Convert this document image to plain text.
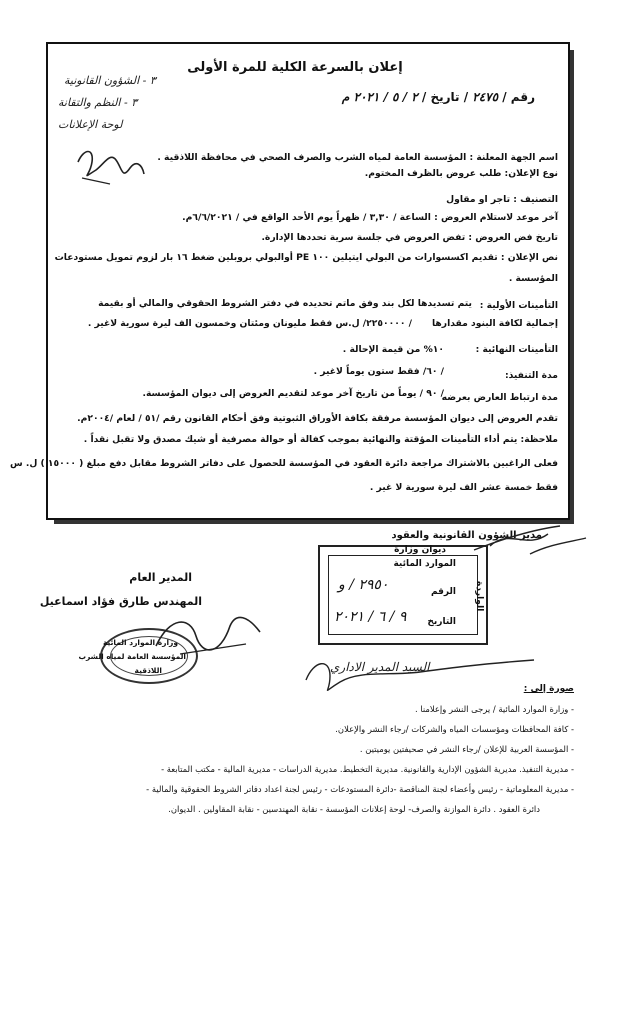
إعلان بالسرعة الكلية للمرة الأولى
رقم / ٢٤٧٥ / تاريخ / ٢ / ٥ / ٢٠٢١ م
٣ - الشؤون القانونية
٣ - النظم والتقانة
لوحة الإعلانات
اسم الجهة المعلنة : المؤسسة العامة لمياه الشرب والصرف الصحي في محافظة اللاذقية .
نوع الإعلان: طلب عروض بالظرف المختوم.
التصنيف : تاجر او مقاول
آخر موعد لاستلام العروض : الساعة / ٣,٣٠ / ظهراً يوم الأحد الواقع في / ٦/٦/٢٠٢١م.
تاريخ فض العروض : تفض العروض في جلسة سرية تحددها الإدارة.
نص الإعلان : تقديم اكسسوارات من البولي ايتيلين ١٠٠ PE أوالبولي بروبلين ضغط ١٦ بار لزوم تمويل مستودعات
المؤسسة .
التأمينات الأولية :
يتم تسديدها لكل بند وفق ماتم تحديده في دفتر الشروط الحقوقي والمالي أو بقيمة
إجمالية لكافة البنود مقدارها
/ ٢٢٥٠٠٠٠/ ل.س فقط مليونان ومئتان وخمسون الف ليرة سورية لاغير .
التأمينات النهائية :
١٠% من قيمة الإحالة .
مدة التنفيذ:
/ ٦٠/ فقط ستون يوماً لاغير .
مدة ارتباط العارض بعرضه
/ ٩٠ / يوماً من تاريخ آخر موعد لتقديم العروض إلى ديوان المؤسسة.
تقدم العروض إلى ديوان المؤسسة مرفقة بكافة الأوراق الثبوتية وفق أحكام القانون رقم /٥١ / لعام /٢٠٠٤م.
ملاحظة: يتم أداء التأمينات المؤقتة والنهائية بموجب كفالة أو حوالة مصرفية أو شيك مصدق ولا تقبل نقداً .
فعلى الراغبين بالاشتراك مراجعة دائرة العقود في المؤسسة للحصول على دفاتر الشروط مقابل دفع مبلغ ( ١٥٠٠٠ ) ل. س
فقط خمسة عشر الف ليرة سورية لا غير .
مدير الشؤون القانونية والعقود
المدير العام
المهندس طارق فؤاد اسماعيل
ديوان وزارة
الموارد المائية
الواردة
الرقم
٢٩٥٠ / و
التاريخ
٩ / ٦ / ٢٠٢١
وزارة الموارد المائية
المؤسسة العامة لمياه الشرب
اللاذقية	السيد المدير الاداري
صورة إلى :
- وزارة الموارد المائية / يرجى النشر وإعلامنا .
- كافة المحافظات ومؤسسات المياه والشركات /رجاء النشر والإعلان.
- المؤسسة العربية للإعلان /رجاء النشر في صحيفتين يوميتين .
- مديرية التنفيذ. مديرية الشؤون الإدارية والقانونية. مديرية التخطيط. مديرية الدراسات - مديرية المالية - مكتب المتابعة -
- مديرية المعلوماتية - رئيس وأعضاء لجنة المناقصة -دائرة المستودعات - رئيس لجنة اعداد دفاتر الشروط الحقوقية والمالية -
دائرة العقود . دائرة الموازنة والصرف- لوحة إعلانات المؤسسة - نقابة المهندسين - نقابة المقاولين . الديوان.
